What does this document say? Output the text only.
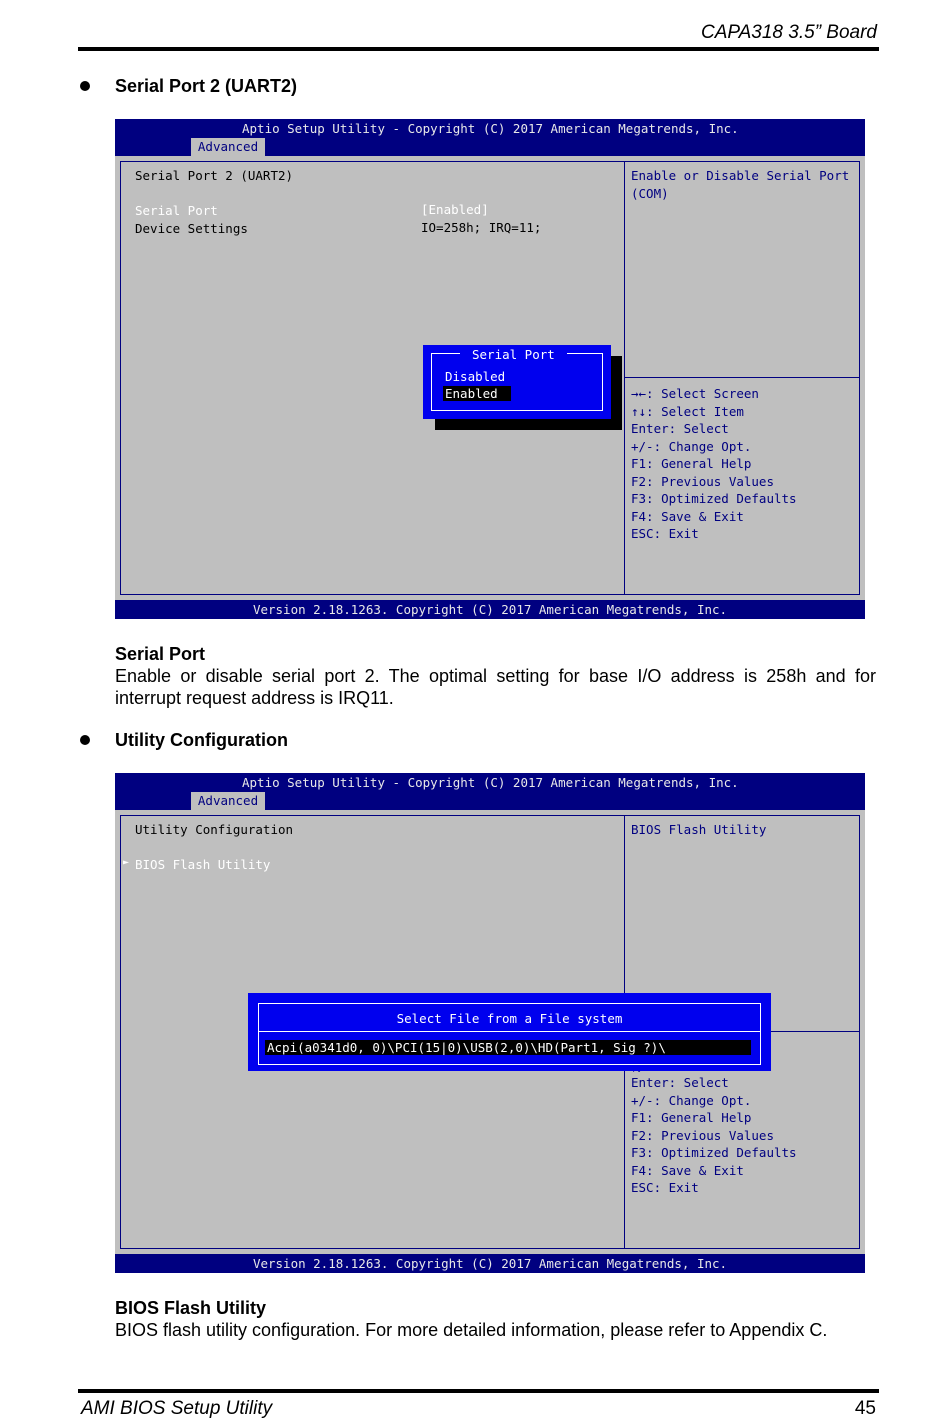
CAPA318 3.5” Board
Serial Port 2 (UART2)
Aptio Setup Utility - Copyright (C) 2017 American Megatrends, Inc.
Advanced
Serial Port 2 (UART2)
Serial Port	[Enabled]
Device Settings	IO=258h; IRQ=11;
Enable or Disable Serial Port
(COM)
→←: Select Screen
↑↓: Select Item
Enter: Select
+/-: Change Opt.
F1: General Help
F2: Previous Values
F3: Optimized Defaults
F4: Save & Exit
ESC: Exit
Serial Port
Disabled
Enabled
Version 2.18.1263. Copyright (C) 2017 American Megatrends, Inc.
Serial Port
Enable or disable serial port 2. The optimal setting for base I/O address is 258h and for interrupt request address is IRQ11.
Utility Configuration
Aptio Setup Utility - Copyright (C) 2017 American Megatrends, Inc.
Advanced
Utility Configuration
► BIOS Flash Utility
BIOS Flash Utility
Enter: Select
+/-: Change Opt.
F1: General Help
F2: Previous Values
F3: Optimized Defaults
F4: Save & Exit
ESC: Exit
Select File from a File system
Acpi(a0341d0, 0)\PCI(15|0)\USB(2,0)\HD(Part1, Sig ?)\
Version 2.18.1263. Copyright (C) 2017 American Megatrends, Inc.
BIOS Flash Utility
BIOS flash utility configuration. For more detailed information, please refer to Appendix C.
AMI BIOS Setup Utility	45
